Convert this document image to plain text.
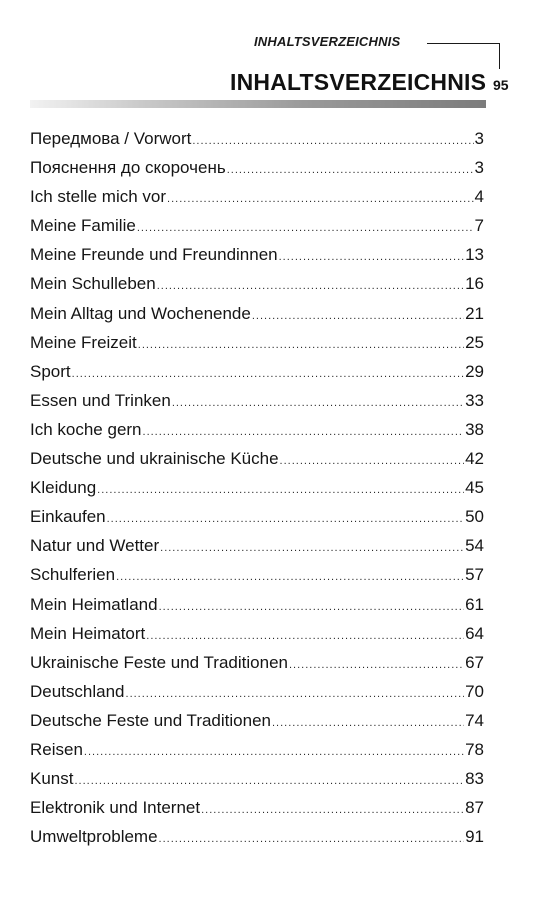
INHALTSVERZEICHNIS
INHALTSVERZEICHNIS 95
Передмова / Vorwort .....	3
Пояснення до скорочень .....	3
Ich stelle mich vor .....	4
Meine Familie .....	7
Meine Freunde und Freundinnen .....	13
Mein Schulleben .....	16
Mein Alltag und Wochenende .....	21
Meine Freizeit .....	25
Sport .....	29
Essen und Trinken .....	33
Ich koche gern .....	38
Deutsche und ukrainische Küche .....	42
Kleidung .....	45
Einkaufen .....	50
Natur und Wetter .....	54
Schulferien .....	57
Mein Heimatland .....	61
Mein Heimatort .....	64
Ukrainische Feste und Traditionen .....	67
Deutschland .....	70
Deutsche Feste und Traditionen .....	74
Reisen .....	78
Kunst .....	83
Elektronik und Internet .....	87
Umweltprobleme .....	91
